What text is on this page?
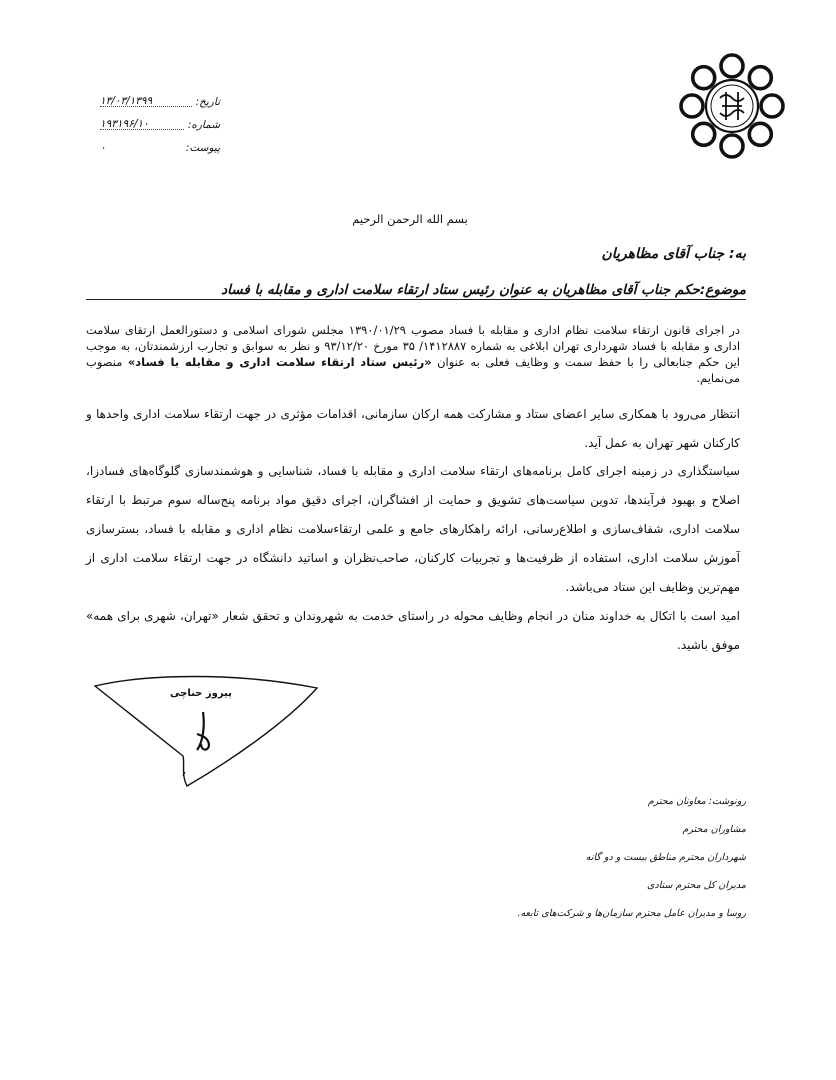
تاريخ:
۱۳/۰۳/۱۳۹۹
شماره:
۱۹۳۱۹۶/۱۰
پیوست:
۰
بسم الله الرحمن الرحيم
به: جناب آقای مظاهریان
موضوع:حکم جناب آقای مظاهریان به عنوان رئیس ستاد ارتقاء سلامت اداری و مقابله با فساد
در اجرای قانون ارتقاء سلامت نظام اداری و مقابله با فساد مصوب ۱۳۹۰/۰۱/۲۹ مجلس شورای اسلامی و دستورالعمل ارتقای سلامت اداری و مقابله با فساد شهرداری تهران ابلاغی به شماره ۱۴۱۲۸۸۷/ ۳۵ مورخ ۹۳/۱۲/۲۰ و نظر به سوابق و تجارب ارزشمندتان، به موجب این حکم جنابعالی را با حفظ سمت و وظایف فعلی به عنوان «رئیس ستاد ارتقاء سلامت اداری و مقابله با فساد» منصوب می‌نمایم.
انتظار می‌رود با همکاری سایر اعضای ستاد و مشارکت همه ارکان سازمانی، اقدامات مؤثری در جهت ارتقاء سلامت اداری واحدها و کارکنان شهر تهران به عمل آید.
سیاستگذاری در زمینه اجرای کامل برنامه‌های ارتقاء سلامت اداری و مقابله با فساد، شناسایی و هوشمندسازی گلوگاه‌های فسادزا، اصلاح و بهبود فرآیندها، تدوین سیاست‌های تشویق و حمایت از افشاگران، اجرای دقیق مواد برنامه پنج‌ساله سوم مرتبط با ارتقاء سلامت اداری، شفاف‌سازی و اطلاع‌رسانی، ارائه راهکارهای جامع و علمی ارتقاءسلامت نظام اداری و مقابله با فساد، بسترسازی آموزش سلامت اداری، استفاده از ظرفیت‌ها و تجربیات کارکنان، صاحب‌نظران و اساتید دانشگاه در جهت ارتقاء سلامت اداری از مهم‌ترین وظایف این ستاد می‌باشد.
امید است با اتکال به خداوند منان در انجام وظایف محوله در راستای خدمت به شهروندان و تحقق شعار «تهران، شهری برای همه» موفق باشید.
پیروز حناچی
رونوشت: معاونان محترم
مشاوران محترم
شهرداران محترم مناطق بیست و دو گانه
مدیران کل محترم ستادی
روسا و مدیران عامل محترم سازمان‌ها و شرکت‌های تابعه.
